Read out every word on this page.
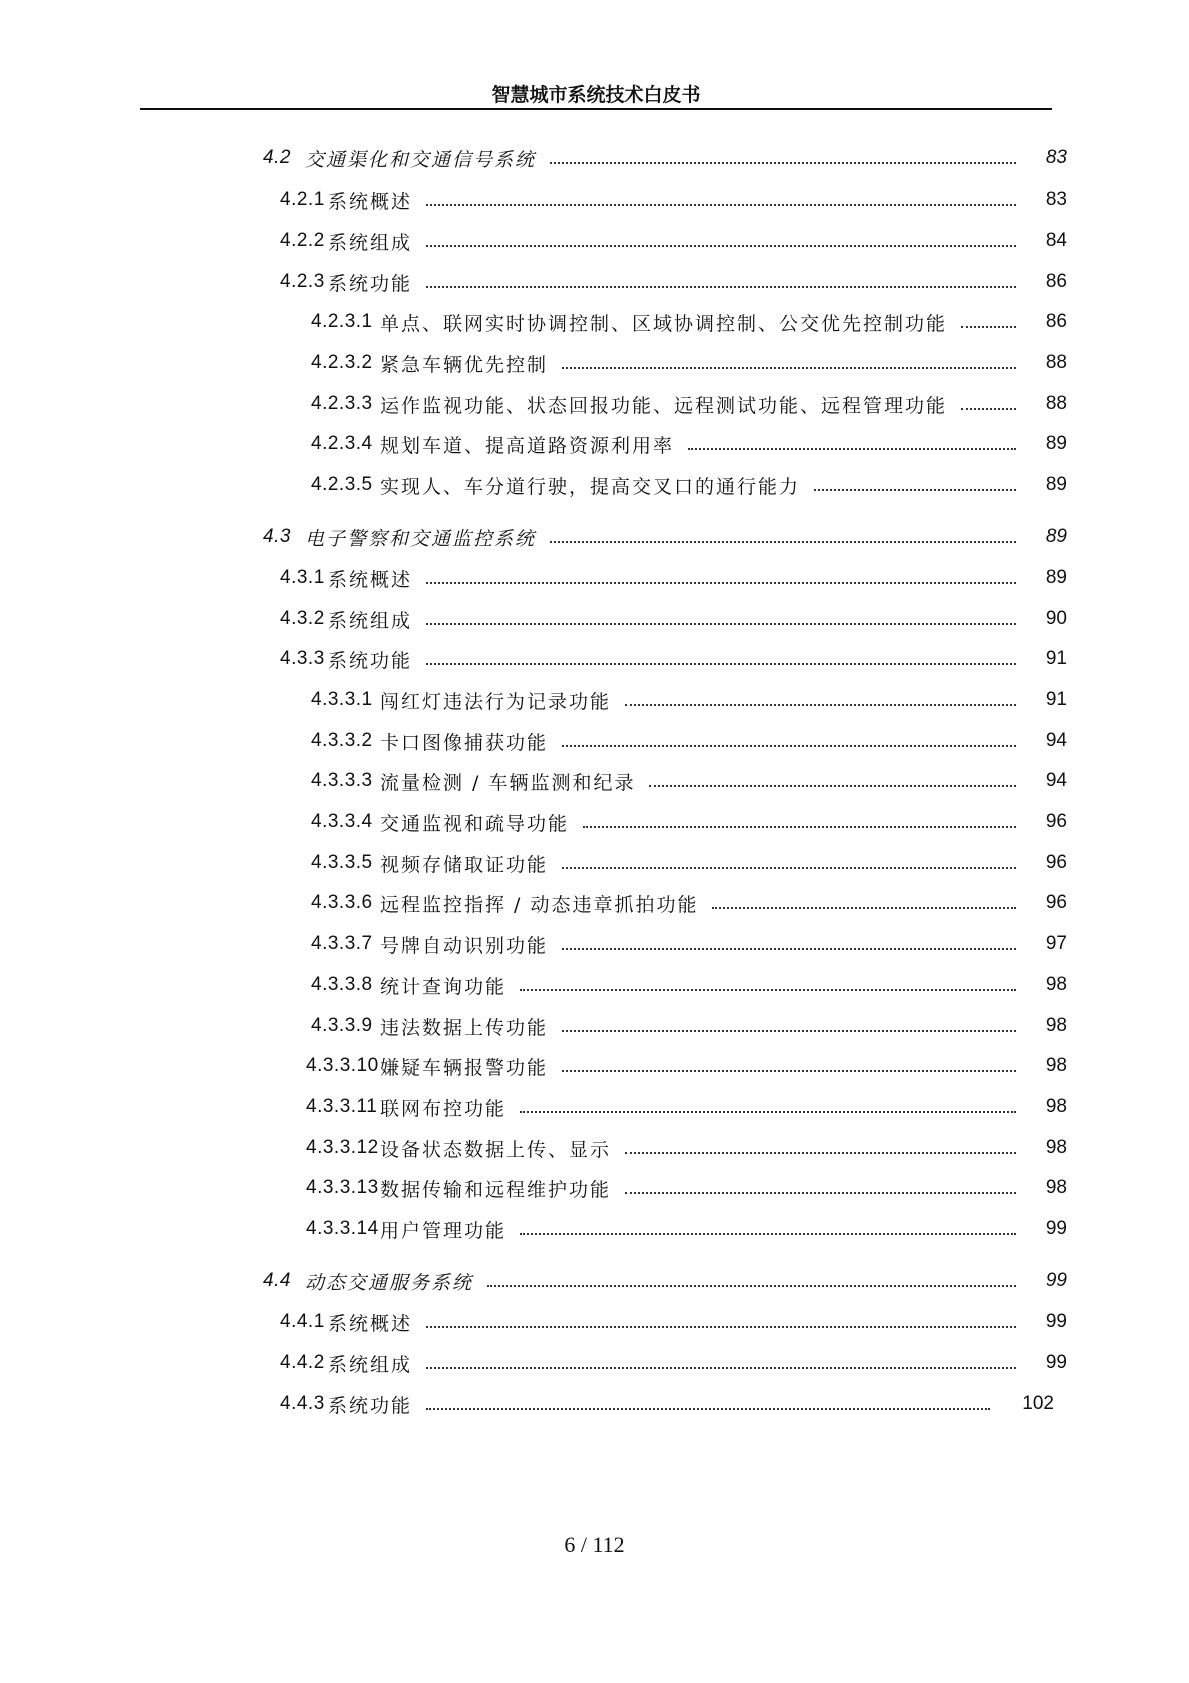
智慧城市系统技术白皮书
4.2 交通渠化和交通信号系统	83
4.2.1 系统概述	83
4.2.2 系统组成	84
4.2.3 系统功能	86
4.2.3.1 单点、联网实时协调控制、区域协调控制、公交优先控制功能	86
4.2.3.2 紧急车辆优先控制	88
4.2.3.3 运作监视功能、状态回报功能、远程测试功能、远程管理功能	88
4.2.3.4 规划车道、提高道路资源利用率	89
4.2.3.5 实现人、车分道行驶，提高交叉口的通行能力	89
4.3 电子警察和交通监控系统	89
4.3.1 系统概述	89
4.3.2 系统组成	90
4.3.3 系统功能	91
4.3.3.1 闯红灯违法行为记录功能	91
4.3.3.2 卡口图像捕获功能	94
4.3.3.3 流量检测 / 车辆监测和纪录	94
4.3.3.4 交通监视和疏导功能	96
4.3.3.5 视频存储取证功能	96
4.3.3.6 远程监控指挥 / 动态违章抓拍功能	96
4.3.3.7 号牌自动识别功能	97
4.3.3.8 统计查询功能	98
4.3.3.9 违法数据上传功能	98
4.3.3.10 嫌疑车辆报警功能	98
4.3.3.11 联网布控功能	98
4.3.3.12 设备状态数据上传、显示	98
4.3.3.13 数据传输和远程维护功能	98
4.3.3.14 用户管理功能	99
4.4 动态交通服务系统	99
4.4.1 系统概述	99
4.4.2 系统组成	99
4.4.3 系统功能	102
6 / 112
